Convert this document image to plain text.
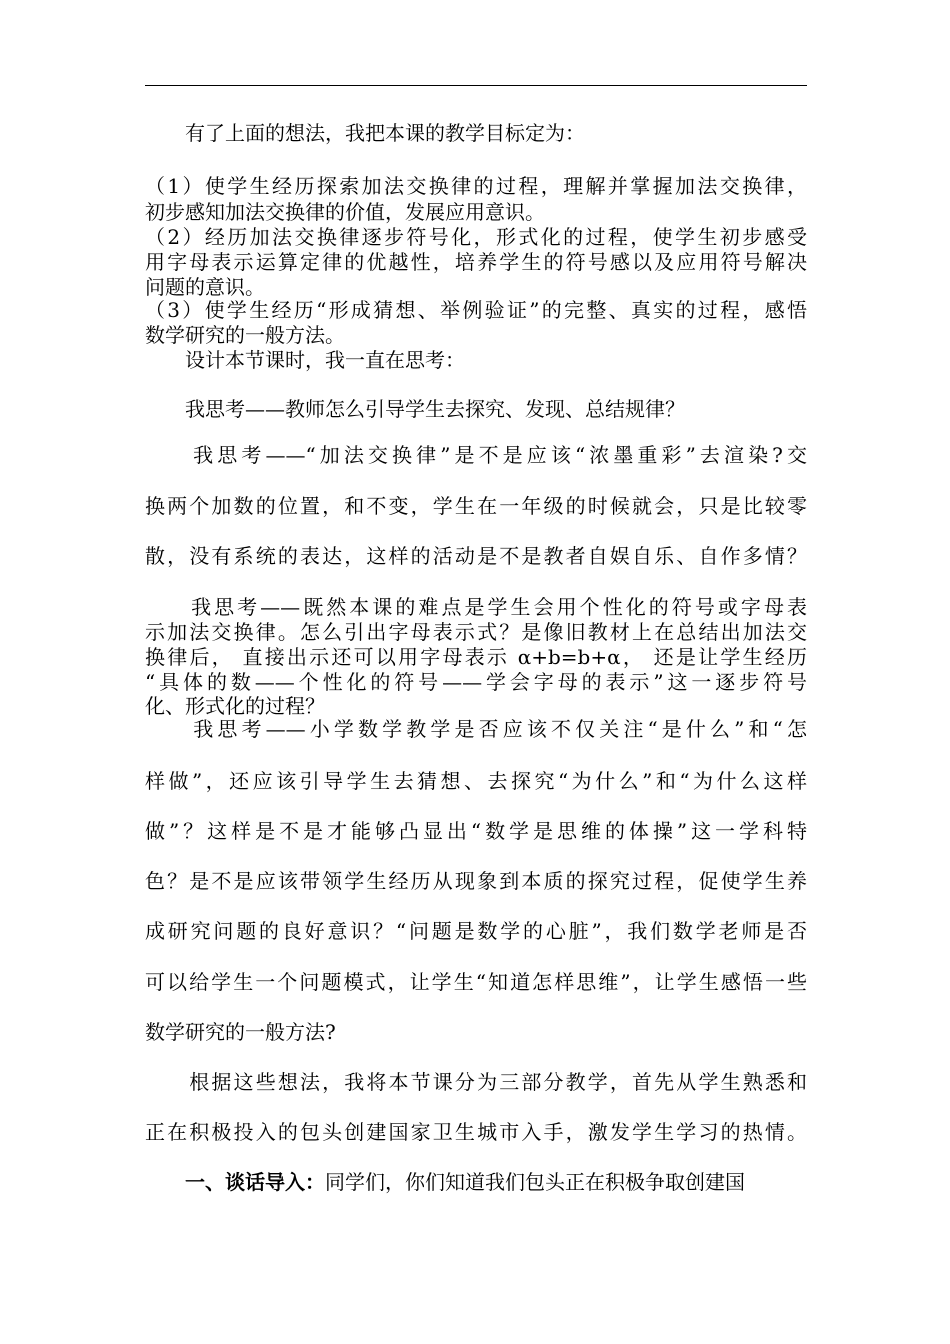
　　有了上面的想法，我把本课的教学目标定为：
（1）使学生经历探索加法交换律的过程，理解并掌握加法交换律，
初步感知加法交换律的价值，发展应用意识。
（2）经历加法交换律逐步符号化，形式化的过程，使学生初步感受
用字母表示运算定律的优越性，培养学生的符号感以及应用符号解决
问题的意识。
（3）使学生经历“形成猜想、举例验证”的完整、真实的过程，感悟
数学研究的一般方法。
　　设计本节课时，我一直在思考：
　　我思考——教师怎么引导学生去探究、发现、总结规律？
　　我思考——“加法交换律”是不是应该“浓墨重彩”去渲染?交
换两个加数的位置，和不变，学生在一年级的时候就会，只是比较零
散，没有系统的表达，这样的活动是不是教者自娱自乐、自作多情？
　　我思考——既然本课的难点是学生会用个性化的符号或字母表
示加法交换律。怎么引出字母表示式？是像旧教材上在总结出加法交
换律后， 直接出示还可以用字母表示 α+b=b+α， 还是让学生经历
“具体的数——个性化的符号——学会字母的表示”这一逐步符号
化、形式化的过程？
　　我思考——小学数学教学是否应该不仅关注“是什么”和“怎
样做”，还应该引导学生去猜想、去探究“为什么”和“为什么这样
做”？这样是不是才能够凸显出“数学是思维的体操”这一学科特
色？是不是应该带领学生经历从现象到本质的探究过程，促使学生养
成研究问题的良好意识？“问题是数学的心脏”，我们数学老师是否
可以给学生一个问题模式，让学生“知道怎样思维”，让学生感悟一些
数学研究的一般方法?
　　根据这些想法，我将本节课分为三部分教学，首先从学生熟悉和
正在积极投入的包头创建国家卫生城市入手，激发学生学习的热情。
　　一、谈话导入：同学们，你们知道我们包头正在积极争取创建国
